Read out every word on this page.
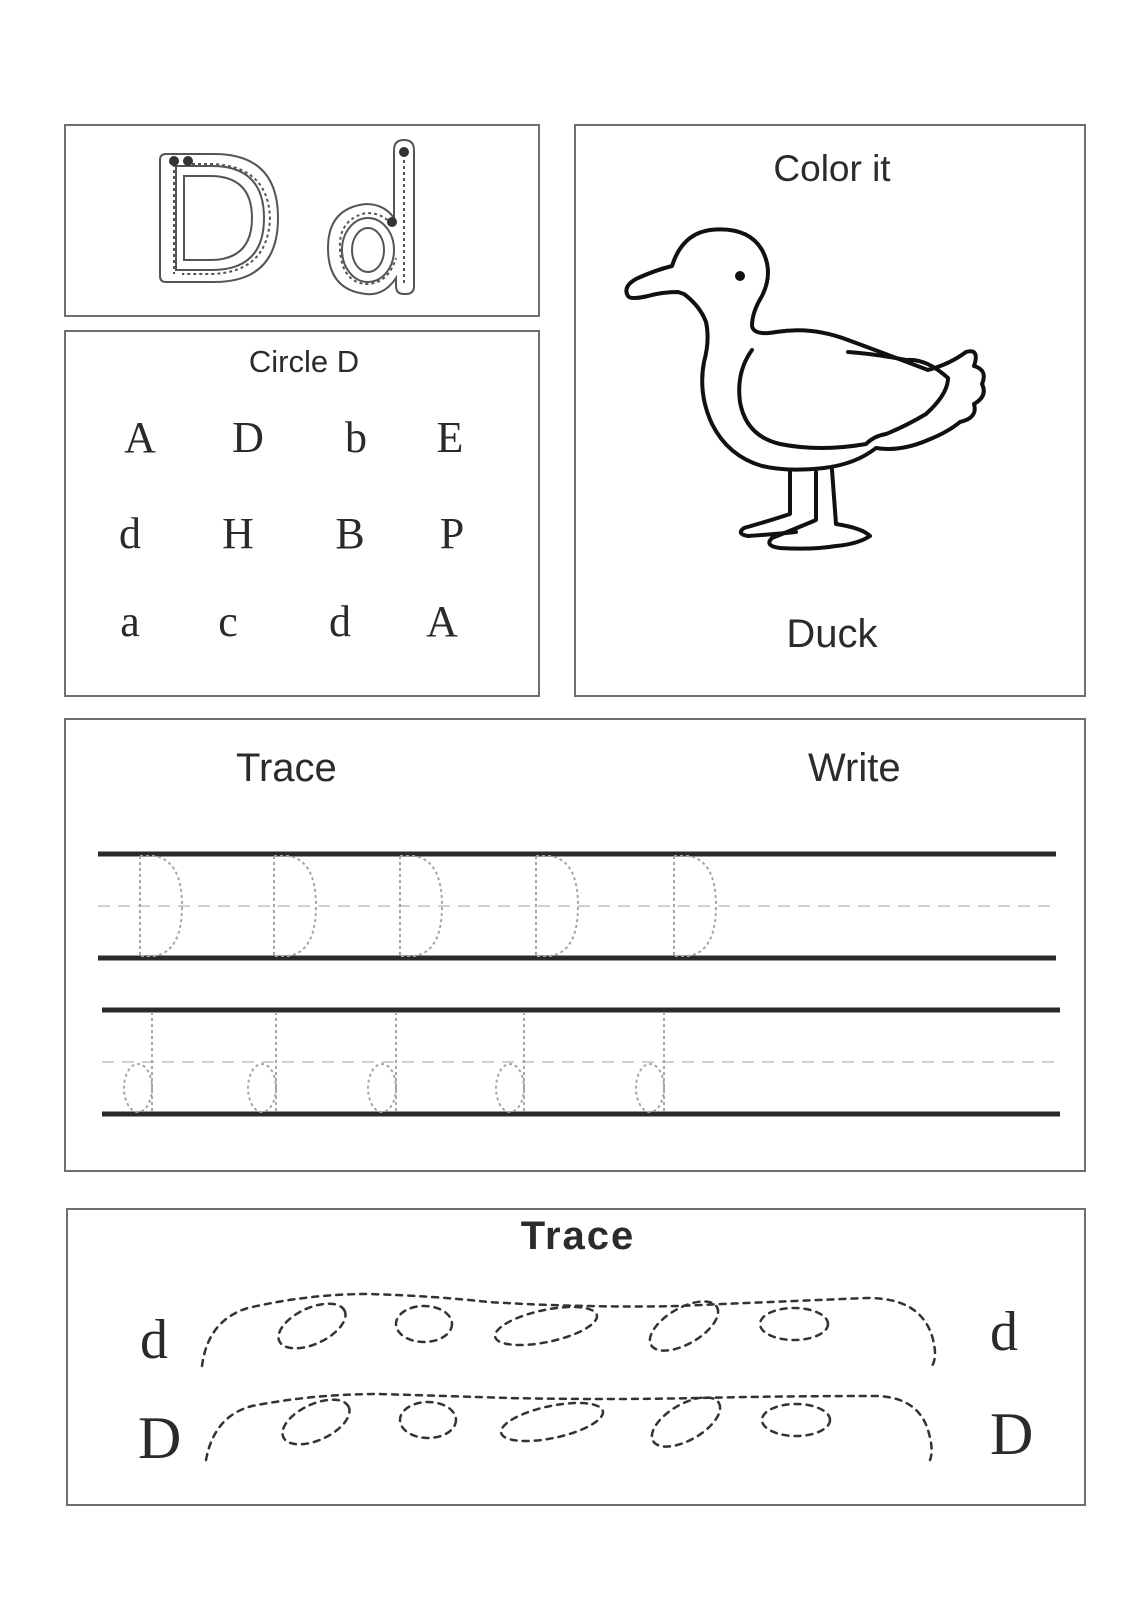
Circle D
A	D	b	E
d	H	B	P
a	c	d	A
Color it
Duck
Trace	Write
Trace
d	d
D	D
